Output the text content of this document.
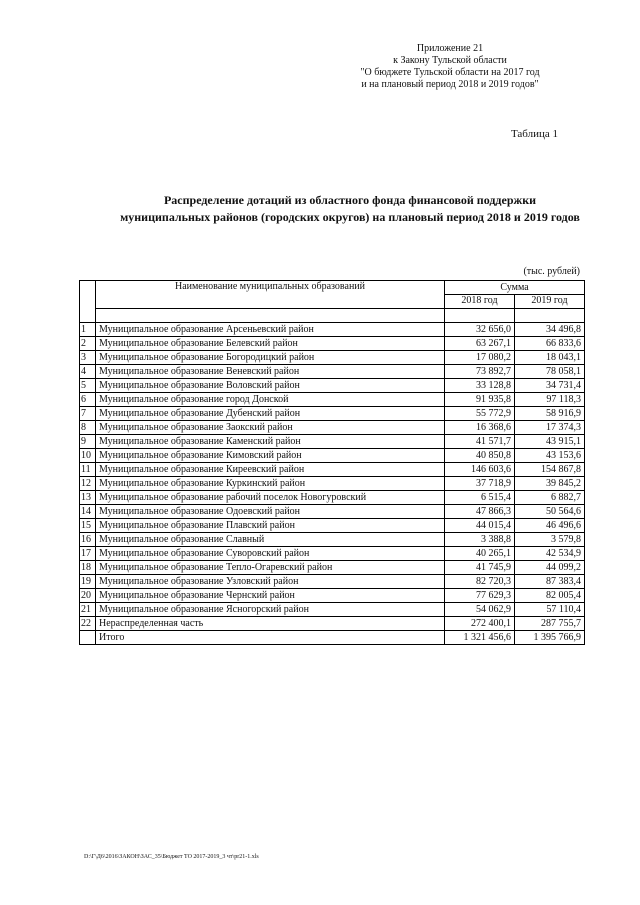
Приложение 21
к Закону Тульской области
"О бюджете Тульской области на 2017 год
и на плановый период 2018 и 2019 годов"
Таблица 1
Распределение дотаций из областного фонда финансовой поддержки
муниципальных районов (городских округов) на плановый период 2018 и 2019 годов
(тыс. рублей)
	Наименование муниципальных образований	Сумма	
		2018 год	2019 год

1	Муниципальное образование Арсеньевский район	32 656,0	34 496,8
2	Муниципальное образование Белевский район	63 267,1	66 833,6
3	Муниципальное образование Богородицкий район	17 080,2	18 043,1
4	Муниципальное образование Веневский район	73 892,7	78 058,1
5	Муниципальное образование Воловский район	33 128,8	34 731,4
6	Муниципальное образование город Донской	91 935,8	97 118,3
7	Муниципальное образование Дубенский район	55 772,9	58 916,9
8	Муниципальное образование Заокский район	16 368,6	17 374,3
9	Муниципальное образование Каменский район	41 571,7	43 915,1
10	Муниципальное образование Кимовский район	40 850,8	43 153,6
11	Муниципальное образование Киреевский район	146 603,6	154 867,8
12	Муниципальное образование Куркинский район	37 718,9	39 845,2
13	Муниципальное образование рабочий поселок Новогуровский	6 515,4	6 882,7
14	Муниципальное образование Одоевский район	47 866,3	50 564,6
15	Муниципальное образование Плавский район	44 015,4	46 496,6
16	Муниципальное образование Славный	3 388,8	3 579,8
17	Муниципальное образование Суворовский район	40 265,1	42 534,9
18	Муниципальное образование Тепло-Огаревский район	41 745,9	44 099,2
19	Муниципальное образование Узловский район	82 720,3	87 383,4
20	Муниципальное образование Чернский район	77 629,3	82 005,4
21	Муниципальное образование Ясногорский район	54 062,9	57 110,4
22	Нераспределенная часть	272 400,1	287 755,7
	Итого	1 321 456,6	1 395 766,9
D:\Г\Д6\2016\ЗАКОН\ЗАС_35\Бюджет ТО 2017-2019_3 чт\pr21-1.xls
